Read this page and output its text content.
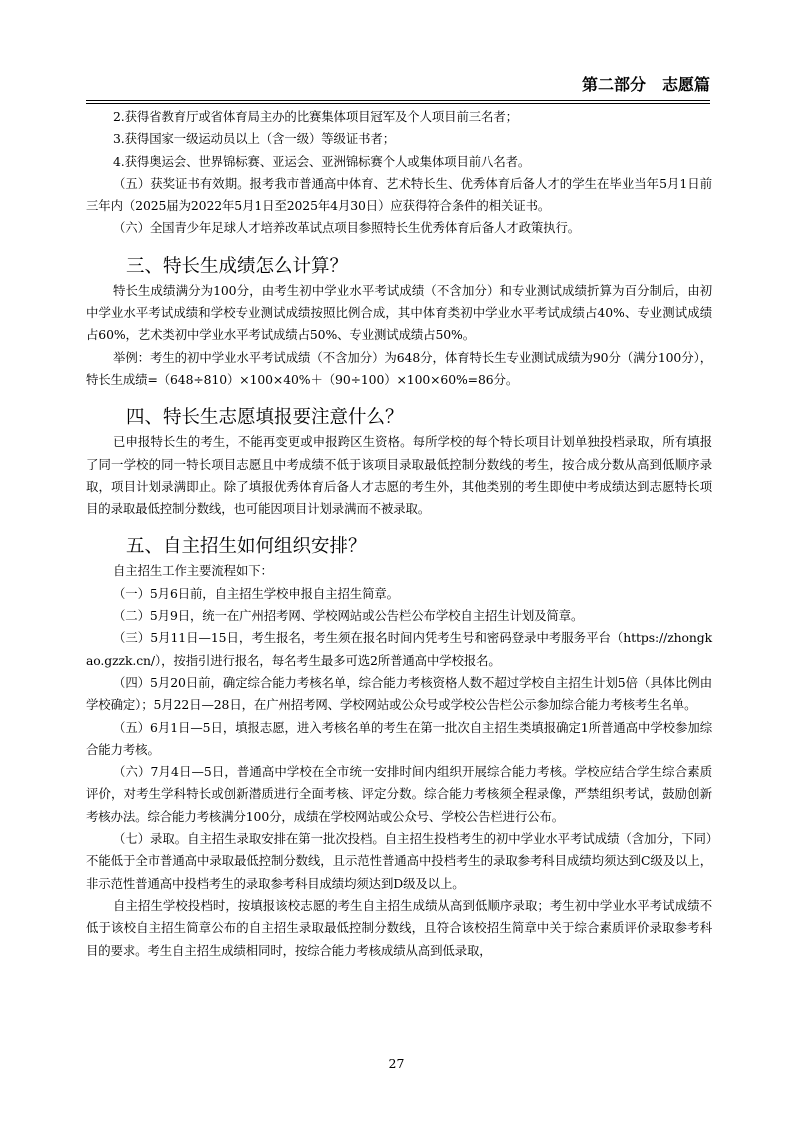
第二部分　志愿篇

2.获得省教育厅或省体育局主办的比赛集体项目冠军及个人项目前三名者；

3.获得国家一级运动员以上（含一级）等级证书者；

4.获得奥运会、世界锦标赛、亚运会、亚洲锦标赛个人或集体项目前八名者。

（五）获奖证书有效期。报考我市普通高中体育、艺术特长生、优秀体育后备人才的学生在毕业当年5月1日前三年内（2025届为2022年5月1日至2025年4月30日）应获得符合条件的相关证书。

（六）全国青少年足球人才培养改革试点项目参照特长生优秀体育后备人才政策执行。

三、特长生成绩怎么计算？

特长生成绩满分为100分，由考生初中学业水平考试成绩（不含加分）和专业测试成绩折算为百分制后，由初中学业水平考试成绩和学校专业测试成绩按照比例合成，其中体育类初中学业水平考试成绩占40%、专业测试成绩占60%，艺术类初中学业水平考试成绩占50%、专业测试成绩占50%。

举例：考生的初中学业水平考试成绩（不含加分）为648分，体育特长生专业测试成绩为90分（满分100分），特长生成绩=（648÷810）×100×40%＋（90÷100）×100×60%=86分。

四、特长生志愿填报要注意什么？

已申报特长生的考生，不能再变更或申报跨区生资格。每所学校的每个特长项目计划单独投档录取，所有填报了同一学校的同一特长项目志愿且中考成绩不低于该项目录取最低控制分数线的考生，按合成分数从高到低顺序录取，项目计划录满即止。除了填报优秀体育后备人才志愿的考生外，其他类别的考生即使中考成绩达到志愿特长项目的录取最低控制分数线，也可能因项目计划录满而不被录取。

五、自主招生如何组织安排？

自主招生工作主要流程如下：

（一）5月6日前，自主招生学校申报自主招生简章。

（二）5月9日，统一在广州招考网、学校网站或公告栏公布学校自主招生计划及简章。

（三）5月11日—15日，考生报名，考生须在报名时间内凭考生号和密码登录中考服务平台（https://zhongkao.gzzk.cn/），按指引进行报名，每名考生最多可选2所普通高中学校报名。

（四）5月20日前，确定综合能力考核名单，综合能力考核资格人数不超过学校自主招生计划5倍（具体比例由学校确定）；5月22日—28日，在广州招考网、学校网站或公众号或学校公告栏公示参加综合能力考核考生名单。

（五）6月1日—5日，填报志愿，进入考核名单的考生在第一批次自主招生类填报确定1所普通高中学校参加综合能力考核。

（六）7月4日—5日，普通高中学校在全市统一安排时间内组织开展综合能力考核。学校应结合学生综合素质评价，对考生学科特长或创新潜质进行全面考核、评定分数。综合能力考核须全程录像，严禁组织考试，鼓励创新考核办法。综合能力考核满分100分，成绩在学校网站或公众号、学校公告栏进行公布。

（七）录取。自主招生录取安排在第一批次投档。自主招生投档考生的初中学业水平考试成绩（含加分，下同）不能低于全市普通高中录取最低控制分数线，且示范性普通高中投档考生的录取参考科目成绩均须达到C级及以上，非示范性普通高中投档考生的录取参考科目成绩均须达到D级及以上。

自主招生学校投档时，按填报该校志愿的考生自主招生成绩从高到低顺序录取；考生初中学业水平考试成绩不低于该校自主招生简章公布的自主招生录取最低控制分数线，且符合该校招生简章中关于综合素质评价录取参考科目的要求。考生自主招生成绩相同时，按综合能力考核成绩从高到低录取，

27
